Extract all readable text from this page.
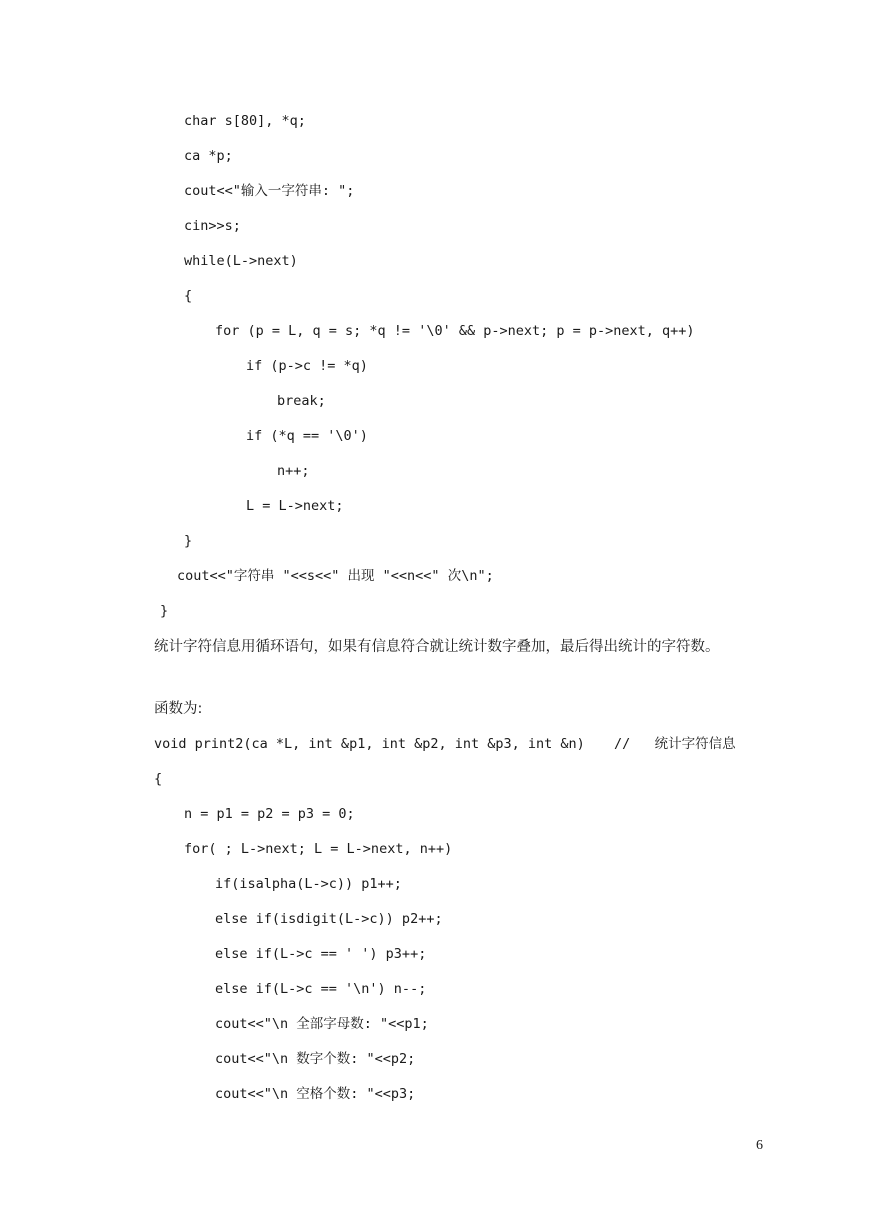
char s[80], *q;
ca *p;
cout<<"输入一字符串: ";
cin>>s;
while(L->next)
{
for (p = L, q = s; *q != '\0' && p->next; p = p->next, q++)
if (p->c != *q)
break;
if (*q == '\0')
n++;
L = L->next;
}
cout<<"字符串 "<<s<<" 出现 "<<n<<" 次\n";
}
统计字符信息用循环语句，如果有信息符合就让统计数字叠加，最后得出统计的字符数。
函数为:
void print2(ca *L, int &p1, int &p2, int &p3, int &n) //   统计字符信息
{
n = p1 = p2 = p3 = 0;
for( ; L->next; L = L->next, n++)
if(isalpha(L->c)) p1++;
else if(isdigit(L->c)) p2++;
else if(L->c == ' ') p3++;
else if(L->c == '\n') n--;
cout<<"\n 全部字母数: "<<p1;
cout<<"\n 数字个数: "<<p2;
cout<<"\n 空格个数: "<<p3;
6
